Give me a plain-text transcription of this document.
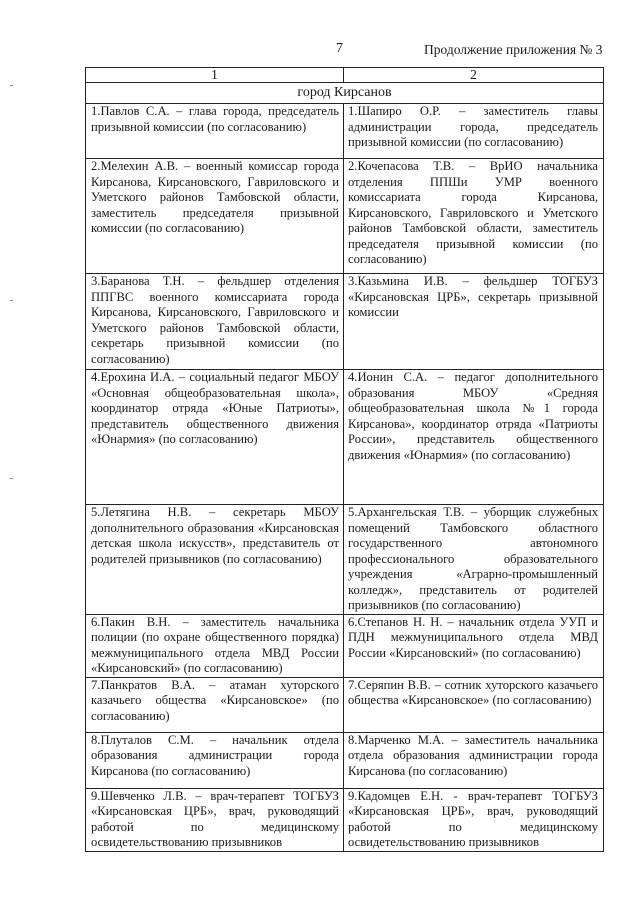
7	Продолжение приложения № 3
1	2
город Кирсанов	

1.Павлов С.А. – глава города, председатель призывной комиссии (по согласованию)	1.Шапиро О.Р. – заместитель главы администрации города, председатель призывной комиссии (по согласованию)

2.Мелехин А.В. – военный комиссар города Кирсанова, Кирсановского, Гавриловского и Уметского районов Тамбовской области, заместитель председателя призывной комиссии (по согласованию)	2.Кочепасова Т.В. – ВрИО начальника отделения ППШи УМР военного комиссариата города Кирсанова, Кирсановского, Гавриловского и Уметского районов Тамбовской области, заместитель председателя призывной комиссии (по согласованию)

3.Баранова Т.Н. – фельдшер отделения ППГВС военного комиссариата города Кирсанова, Кирсановского, Гавриловского и Уметского районов Тамбовской области, секретарь призывной комиссии (по согласованию)	3.Казьмина И.В. – фельдшер ТОГБУЗ «Кирсановская ЦРБ», секретарь призывной комиссии

4.Ерохина И.А. – социальный педагог МБОУ «Основная общеобразовательная школа», координатор отряда «Юные Патриоты», представитель общественного движения «Юнармия» (по согласованию)	4.Ионин С.А. – педагог дополнительного образования МБОУ «Средняя общеобразовательная школа №1 города Кирсанова», координатор отряда «Патриоты России», представитель общественного движения «Юнармия» (по согласованию)

5.Летягина Н.В. – секретарь МБОУ дополнительного образования «Кирсановская детская школа искусств», представитель от родителей призывников (по согласованию)	5.Архангельская Т.В. – уборщик служебных помещений Тамбовского областного государственного автономного профессионального образовательного учреждения «Аграрно-промышленный колледж», представитель от родителей призывников (по согласованию)

6.Пакин В.Н. – заместитель начальника полиции (по охране общественного порядка) межмуниципального отдела МВД России «Кирсановский» (по согласованию)	6.Степанов Н. Н. – начальник отдела УУП и ПДН межмуниципального отдела МВД России «Кирсановский» (по согласованию)

7.Панкратов В.А. – атаман хуторского казачьего общества «Кирсановское» (по согласованию)	7.Серяпин В.В. – сотник хуторского казачьего общества «Кирсановское» (по согласованию)

8.Плуталов С.М. – начальник отдела образования администрации города Кирсанова (по согласованию)	8.Марченко М.А. – заместитель начальника отдела образования администрации города Кирсанова (по согласованию)

9.Шевченко Л.В. – врач-терапевт ТОГБУЗ «Кирсановская ЦРБ», врач, руководящий работой по медицинскому освидетельствованию призывников	9.Кадомцев Е.Н. - врач-терапевт ТОГБУЗ «Кирсановская ЦРБ», врач, руководящий работой по медицинскому освидетельствованию призывников
